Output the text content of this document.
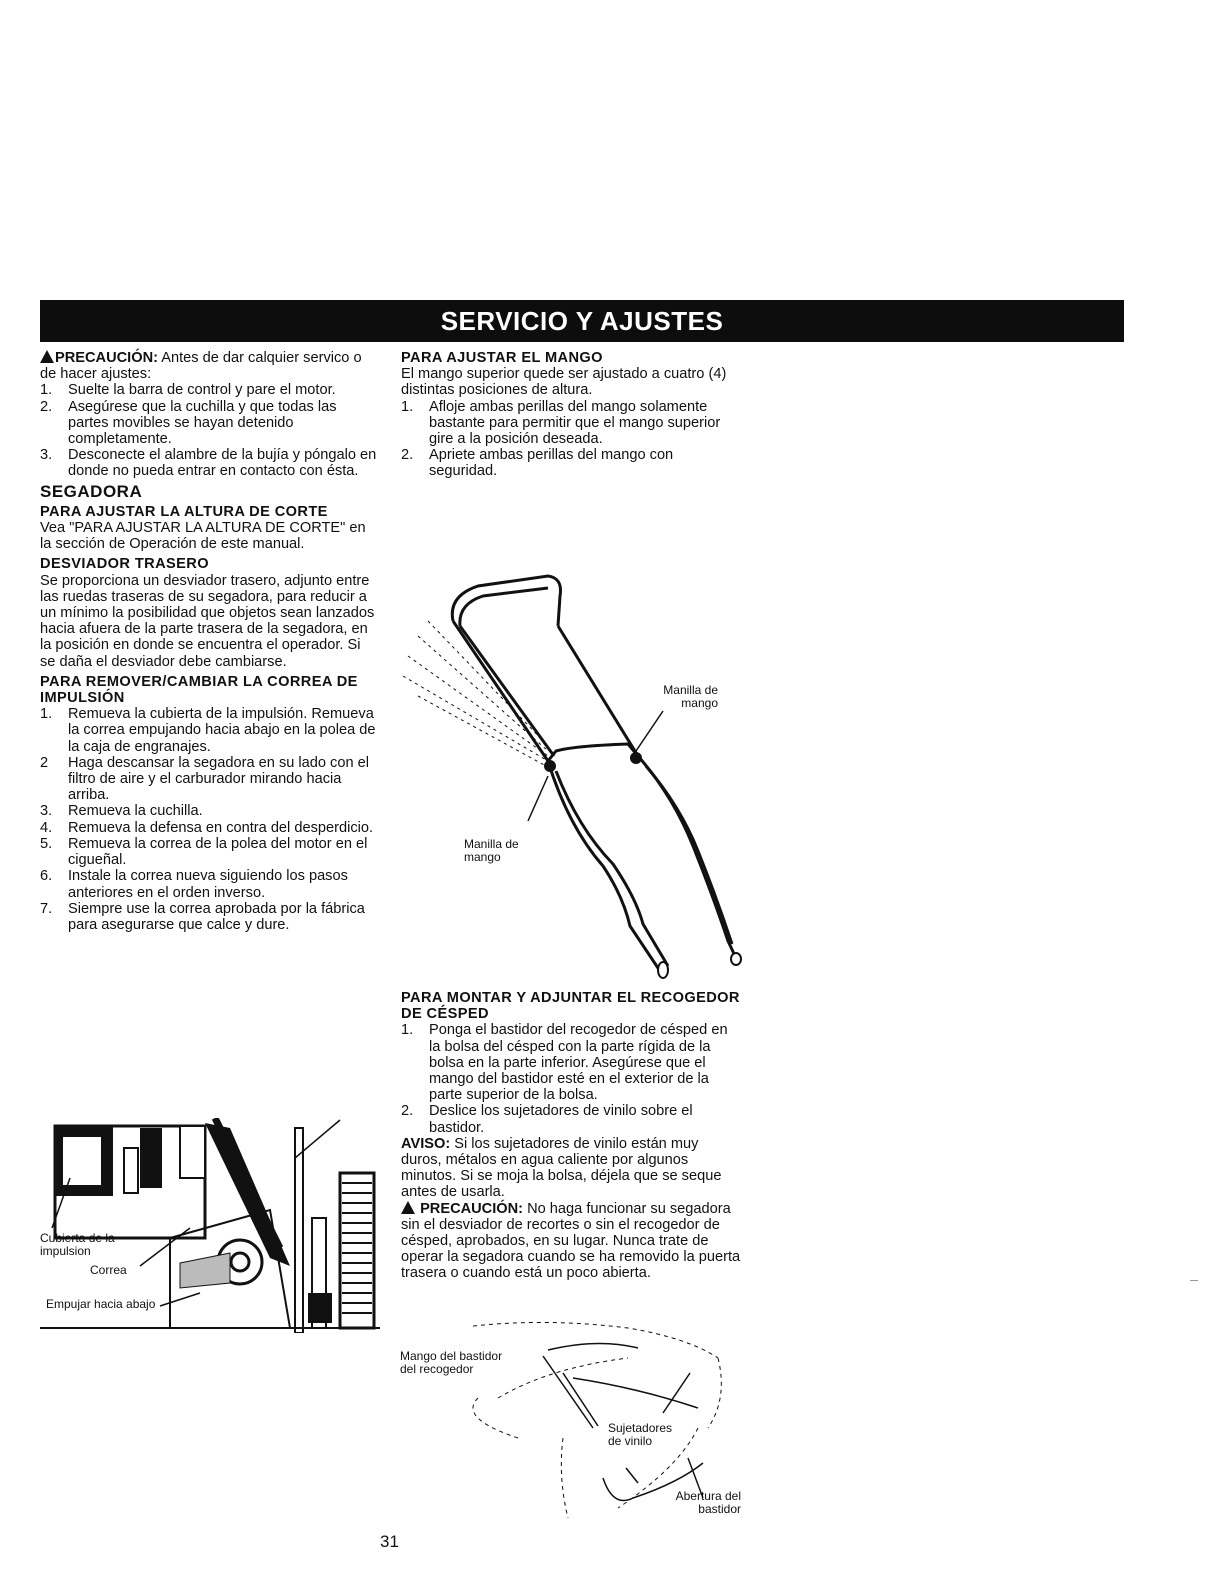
SERVICIO Y AJUSTES

PRECAUCIÓN: Antes de dar calquier servico o de hacer ajustes:

1.	Suelte la barra de control y pare el motor.
2.	Asegúrese que la cuchilla y que todas las partes movibles se hayan detenido completamente.
3.	Desconecte el alambre de la bujía y póngalo en donde no pueda entrar en contacto con ésta.
SEGADORA
PARA AJUSTAR LA ALTURA DE CORTE

Vea "PARA AJUSTAR LA ALTURA DE CORTE" en la sección de Operación de este manual.

DESVIADOR TRASERO

Se proporciona un desviador trasero, adjunto entre las ruedas traseras de su segadora, para reducir a un mínimo la posibilidad que objetos sean lanzados hacia afuera de la parte trasera de la segadora, en la posición en donde se encuentra el operador. Si se daña el desviador debe cambiarse.

PARA REMOVER/CAMBIAR LA CORREA DE IMPULSIÓN
1.	Remueva la cubierta de la impulsión. Remueva la correa empujando hacia abajo en la polea de la caja de engranajes.
2	Haga descansar la segadora en su lado con el filtro de aire y el carburador mirando hacia arriba.
3.	Remueva la cuchilla.
4.	Remueva la defensa en contra del desperdicio.
5.	Remueva la correa de la polea del motor en el cigueñal.
6.	Instale la correa nueva siguiendo los pasos anteriores en el orden inverso.
7.	Siempre use la correa aprobada por la fábrica para asegurarse que calce y dure.
Cubierta de la impulsion
Correa
Empujar hacia abajo
PARA AJUSTAR EL MANGO

El mango superior quede ser ajustado a cuatro (4) distintas posiciones de altura.

1.	Afloje ambas perillas del mango solamente bastante para permitir que el mango superior gire a la posición deseada.
2.	Apriete ambas perillas del mango con seguridad.
Manilla de mango
Manilla de mango
PARA MONTAR Y ADJUNTAR EL RECOGEDOR DE CÉSPED
1.	Ponga el bastidor del recogedor de césped en la bolsa del césped con la parte rígida de la bolsa en la parte inferior. Asegúrese que el mango del bastidor esté en el exterior de la parte superior de la bolsa.
2.	Deslice los sujetadores de vinilo sobre el bastidor.

AVISO: Si los sujetadores de vinilo están muy duros, métalos en agua caliente por algunos minutos. Si se moja la bolsa, déjela que se seque antes de usarla.

PRECAUCIÓN: No haga funcionar su segadora sin el desviador de recortes o sin el recogedor de césped, aprobados, en su lugar. Nunca trate de operar la segadora cuando se ha removido la puerta trasera o cuando está un poco abierta.

Mango del bastidor del recogedor
Sujetadores de vinilo
Abertura del bastidor
31
